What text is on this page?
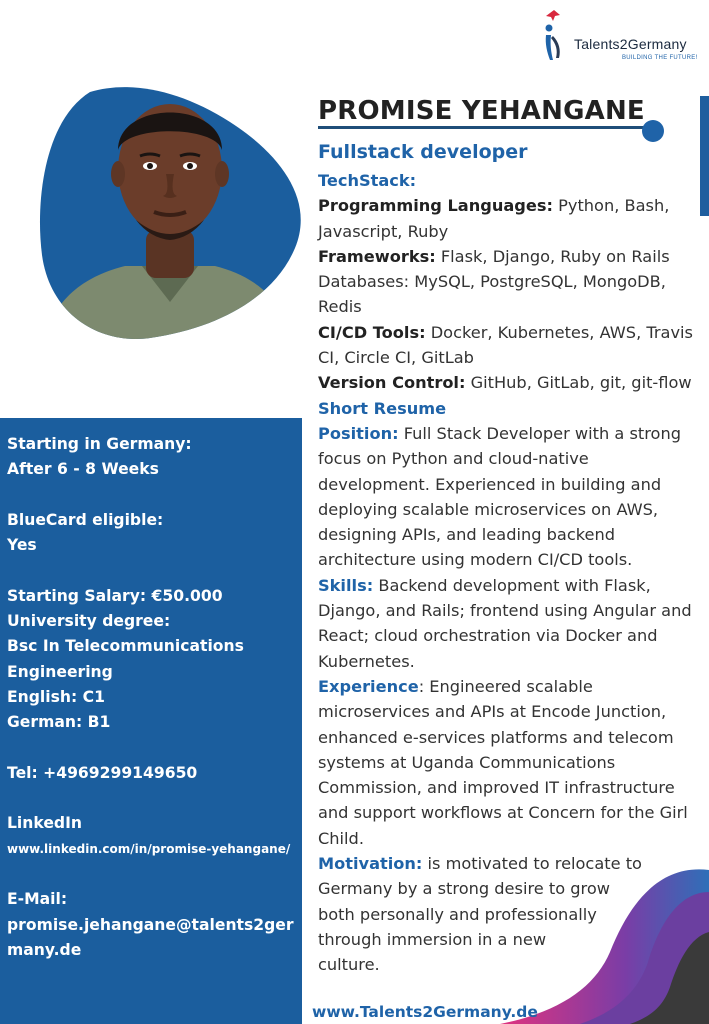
Talents2Germany
BUILDING THE FUTURE!
PROMISE YEHANGANE
Fullstack developer

TechStack:

Programming Languages: Python, Bash, Javascript, Ruby

Frameworks: Flask, Django, Ruby on Rails

Databases: MySQL, PostgreSQL, MongoDB, Redis

CI/CD Tools: Docker, Kubernetes, AWS, Travis CI, Circle CI, GitLab

Version Control: GitHub, GitLab, git, git-flow

Short Resume

Position: Full Stack Developer with a strong focus on Python and cloud-native development. Experienced in building and deploying scalable microservices on AWS, designing APIs, and leading backend architecture using modern CI/CD tools.

Skills: Backend development with Flask, Django, and Rails; frontend using Angular and React; cloud orchestration via Docker and Kubernetes.

Experience: Engineered scalable microservices and APIs at Encode Junction, enhanced e-services platforms and telecom systems at Uganda Communications Commission, and improved IT infrastructure and support workflows at Concern for the Girl Child.

Motivation: is motivated to relocate to

Germany by a strong desire to grow

both personally and professionally

through immersion in a new

culture.

Starting in Germany:
After 6 - 8 Weeks
BlueCard eligible:
Yes
Starting Salary: €50.000
University degree:
Bsc In Telecommunications Engineering
English: C1
German: B1
Tel: +4969299149650
LinkedIn
www.linkedin.com/in/promise-yehangane/
E-Mail:
promise.jehangane@talents2germany.de
www.Talents2Germany.de
